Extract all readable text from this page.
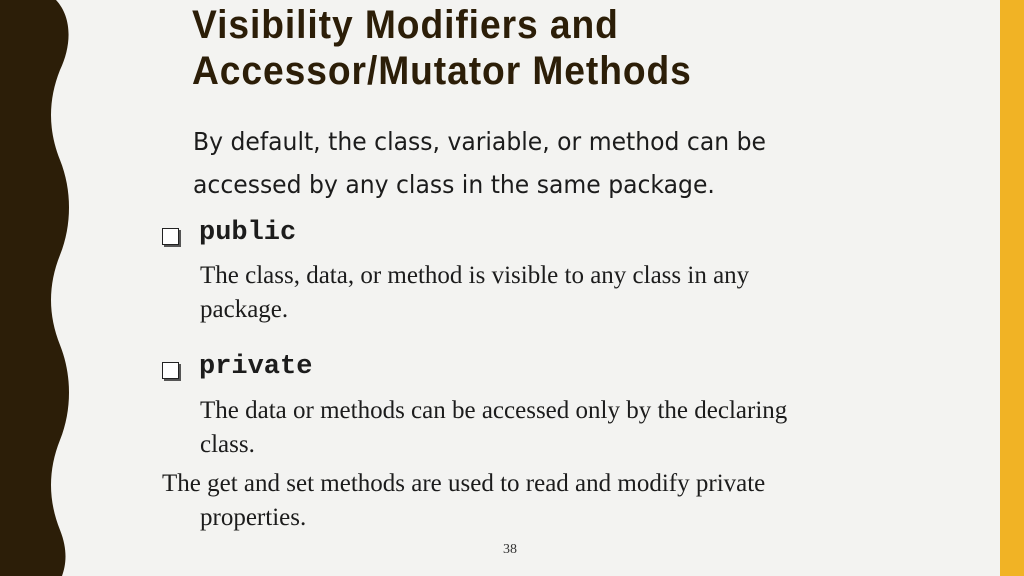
Visibility Modifiers and
Accessor/Mutator Methods
By default, the class, variable, or method can be
accessed by any class in the same package.
public
The class, data, or method is visible to any class in any
package.
private
The data or methods can be accessed only by the declaring
class.
The get and set methods are used to read and modify private
properties.
38
